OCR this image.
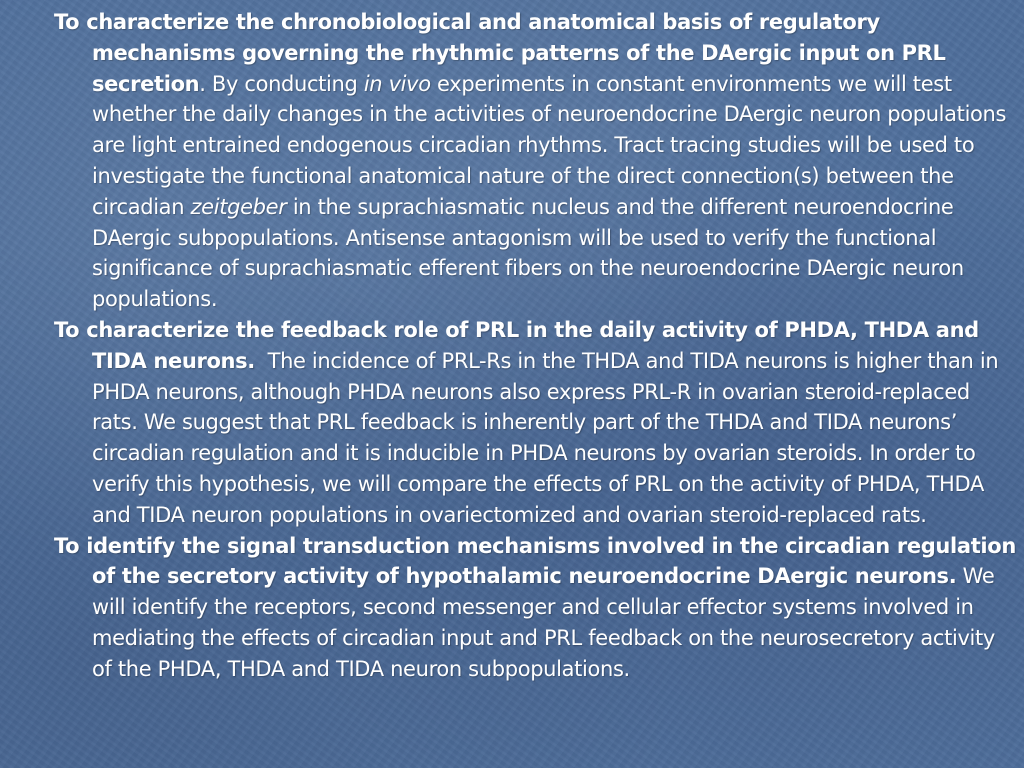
To characterize the chronobiological and anatomical basis of regulatory mechanisms governing the rhythmic patterns of the DAergic input on PRL secretion. By conducting in vivo experiments in constant environments we will test whether the daily changes in the activities of neuroendocrine DAergic neuron populations are light entrained endogenous circadian rhythms. Tract tracing studies will be used to investigate the functional anatomical nature of the direct connection(s) between the circadian zeitgeber in the suprachiasmatic nucleus and the different neuroendocrine DAergic subpopulations. Antisense antagonism will be used to verify the functional significance of suprachiasmatic efferent fibers on the neuroendocrine DAergic neuron populations.

To characterize the feedback role of PRL in the daily activity of PHDA, THDA and TIDA neurons.  The incidence of PRL-Rs in the THDA and TIDA neurons is higher than in PHDA neurons, although PHDA neurons also express PRL-R in ovarian steroid-replaced rats. We suggest that PRL feedback is inherently part of the THDA and TIDA neurons’ circadian regulation and it is inducible in PHDA neurons by ovarian steroids. In order to verify this hypothesis, we will compare the effects of PRL on the activity of PHDA, THDA and TIDA neuron populations in ovariectomized and ovarian steroid-replaced rats.

To identify the signal transduction mechanisms involved in the circadian regulation of the secretory activity of hypothalamic neuroendocrine DAergic neurons. We will identify the receptors, second messenger and cellular effector systems involved in mediating the effects of circadian input and PRL feedback on the neurosecretory activity of the PHDA, THDA and TIDA neuron subpopulations.
